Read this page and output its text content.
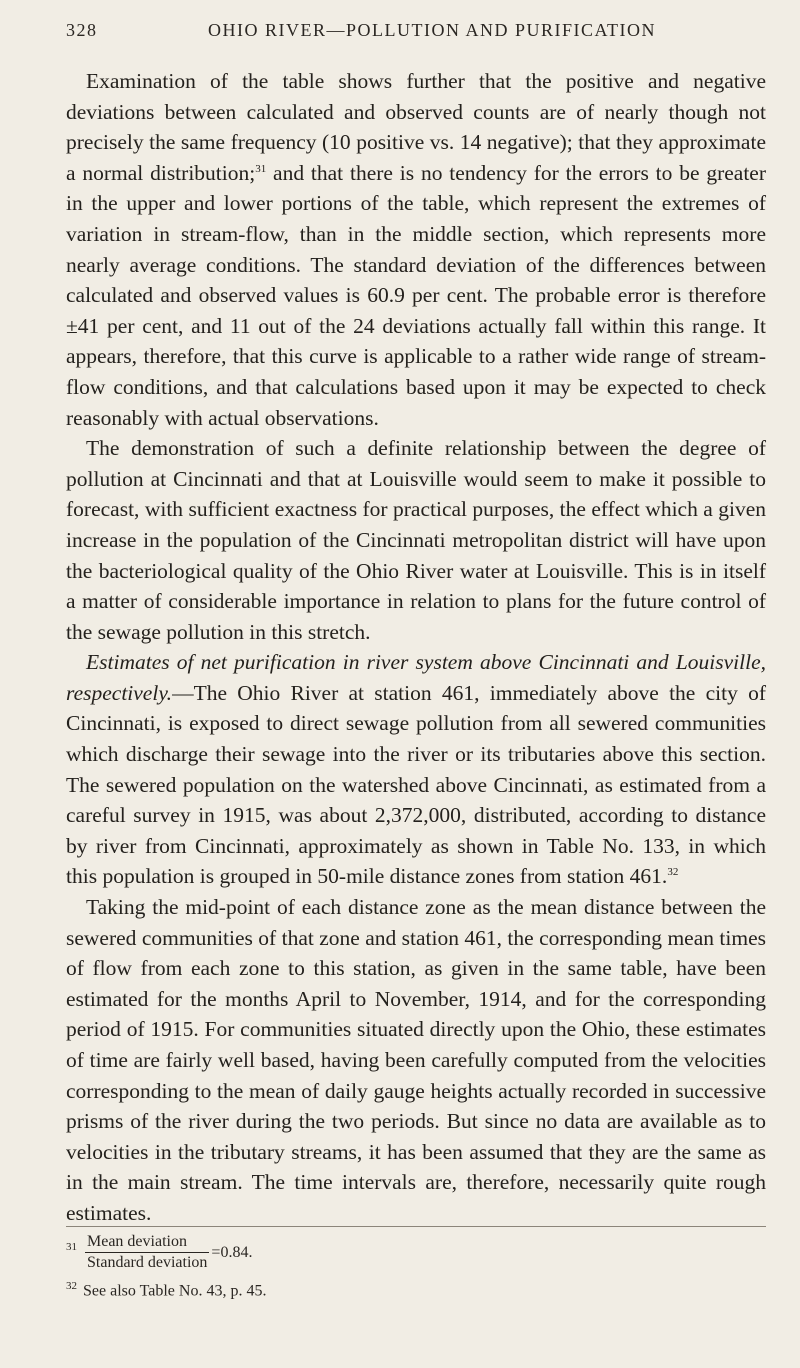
328	OHIO RIVER—POLLUTION AND PURIFICATION

Examination of the table shows further that the positive and negative deviations between calculated and observed counts are of nearly though not precisely the same frequency (10 positive vs. 14 negative); that they approximate a normal distribution;$^{31}$ and that there is no tendency for the errors to be greater in the upper and lower portions of the table, which represent the extremes of variation in stream-flow, than in the middle section, which represents more nearly average conditions. The standard deviation of the differences between calculated and observed values is 60.9 per cent. The probable error is therefore ±41 per cent, and 11 out of the 24 deviations actually fall within this range. It appears, therefore, that this curve is applicable to a rather wide range of stream-flow conditions, and that calculations based upon it may be expected to check reasonably with actual observations.

The demonstration of such a definite relationship between the degree of pollution at Cincinnati and that at Louisville would seem to make it possible to forecast, with sufficient exactness for practical purposes, the effect which a given increase in the population of the Cincinnati metropolitan district will have upon the bacteriological quality of the Ohio River water at Louisville. This is in itself a matter of considerable importance in relation to plans for the future control of the sewage pollution in this stretch.

Estimates of net purification in river system above Cincinnati and Louisville, respectively.—The Ohio River at station 461, immediately above the city of Cincinnati, is exposed to direct sewage pollution from all sewered communities which discharge their sewage into the river or its tributaries above this section. The sewered population on the watershed above Cincinnati, as estimated from a careful survey in 1915, was about 2,372,000, distributed, according to distance by river from Cincinnati, approximately as shown in Table No. 133, in which this population is grouped in 50-mile distance zones from station 461.32

Taking the mid-point of each distance zone as the mean distance between the sewered communities of that zone and station 461, the corresponding mean times of flow from each zone to this station, as given in the same table, have been estimated for the months April to November, 1914, and for the corresponding period of 1915. For communities situated directly upon the Ohio, these estimates of time are fairly well based, having been carefully computed from the velocities corresponding to the mean of daily gauge heights actually recorded in successive prisms of the river during the two periods. But since no data are available as to velocities in the tributary streams, it has been assumed that they are the same as in the main stream. The time intervals are, therefore, necessarily quite rough estimates.

$^{31} \frac{\text{Mean deviation}}{\text{Standard deviation}} =0.84$.
$^{32}$ See also Table No. 43, p. 45.
